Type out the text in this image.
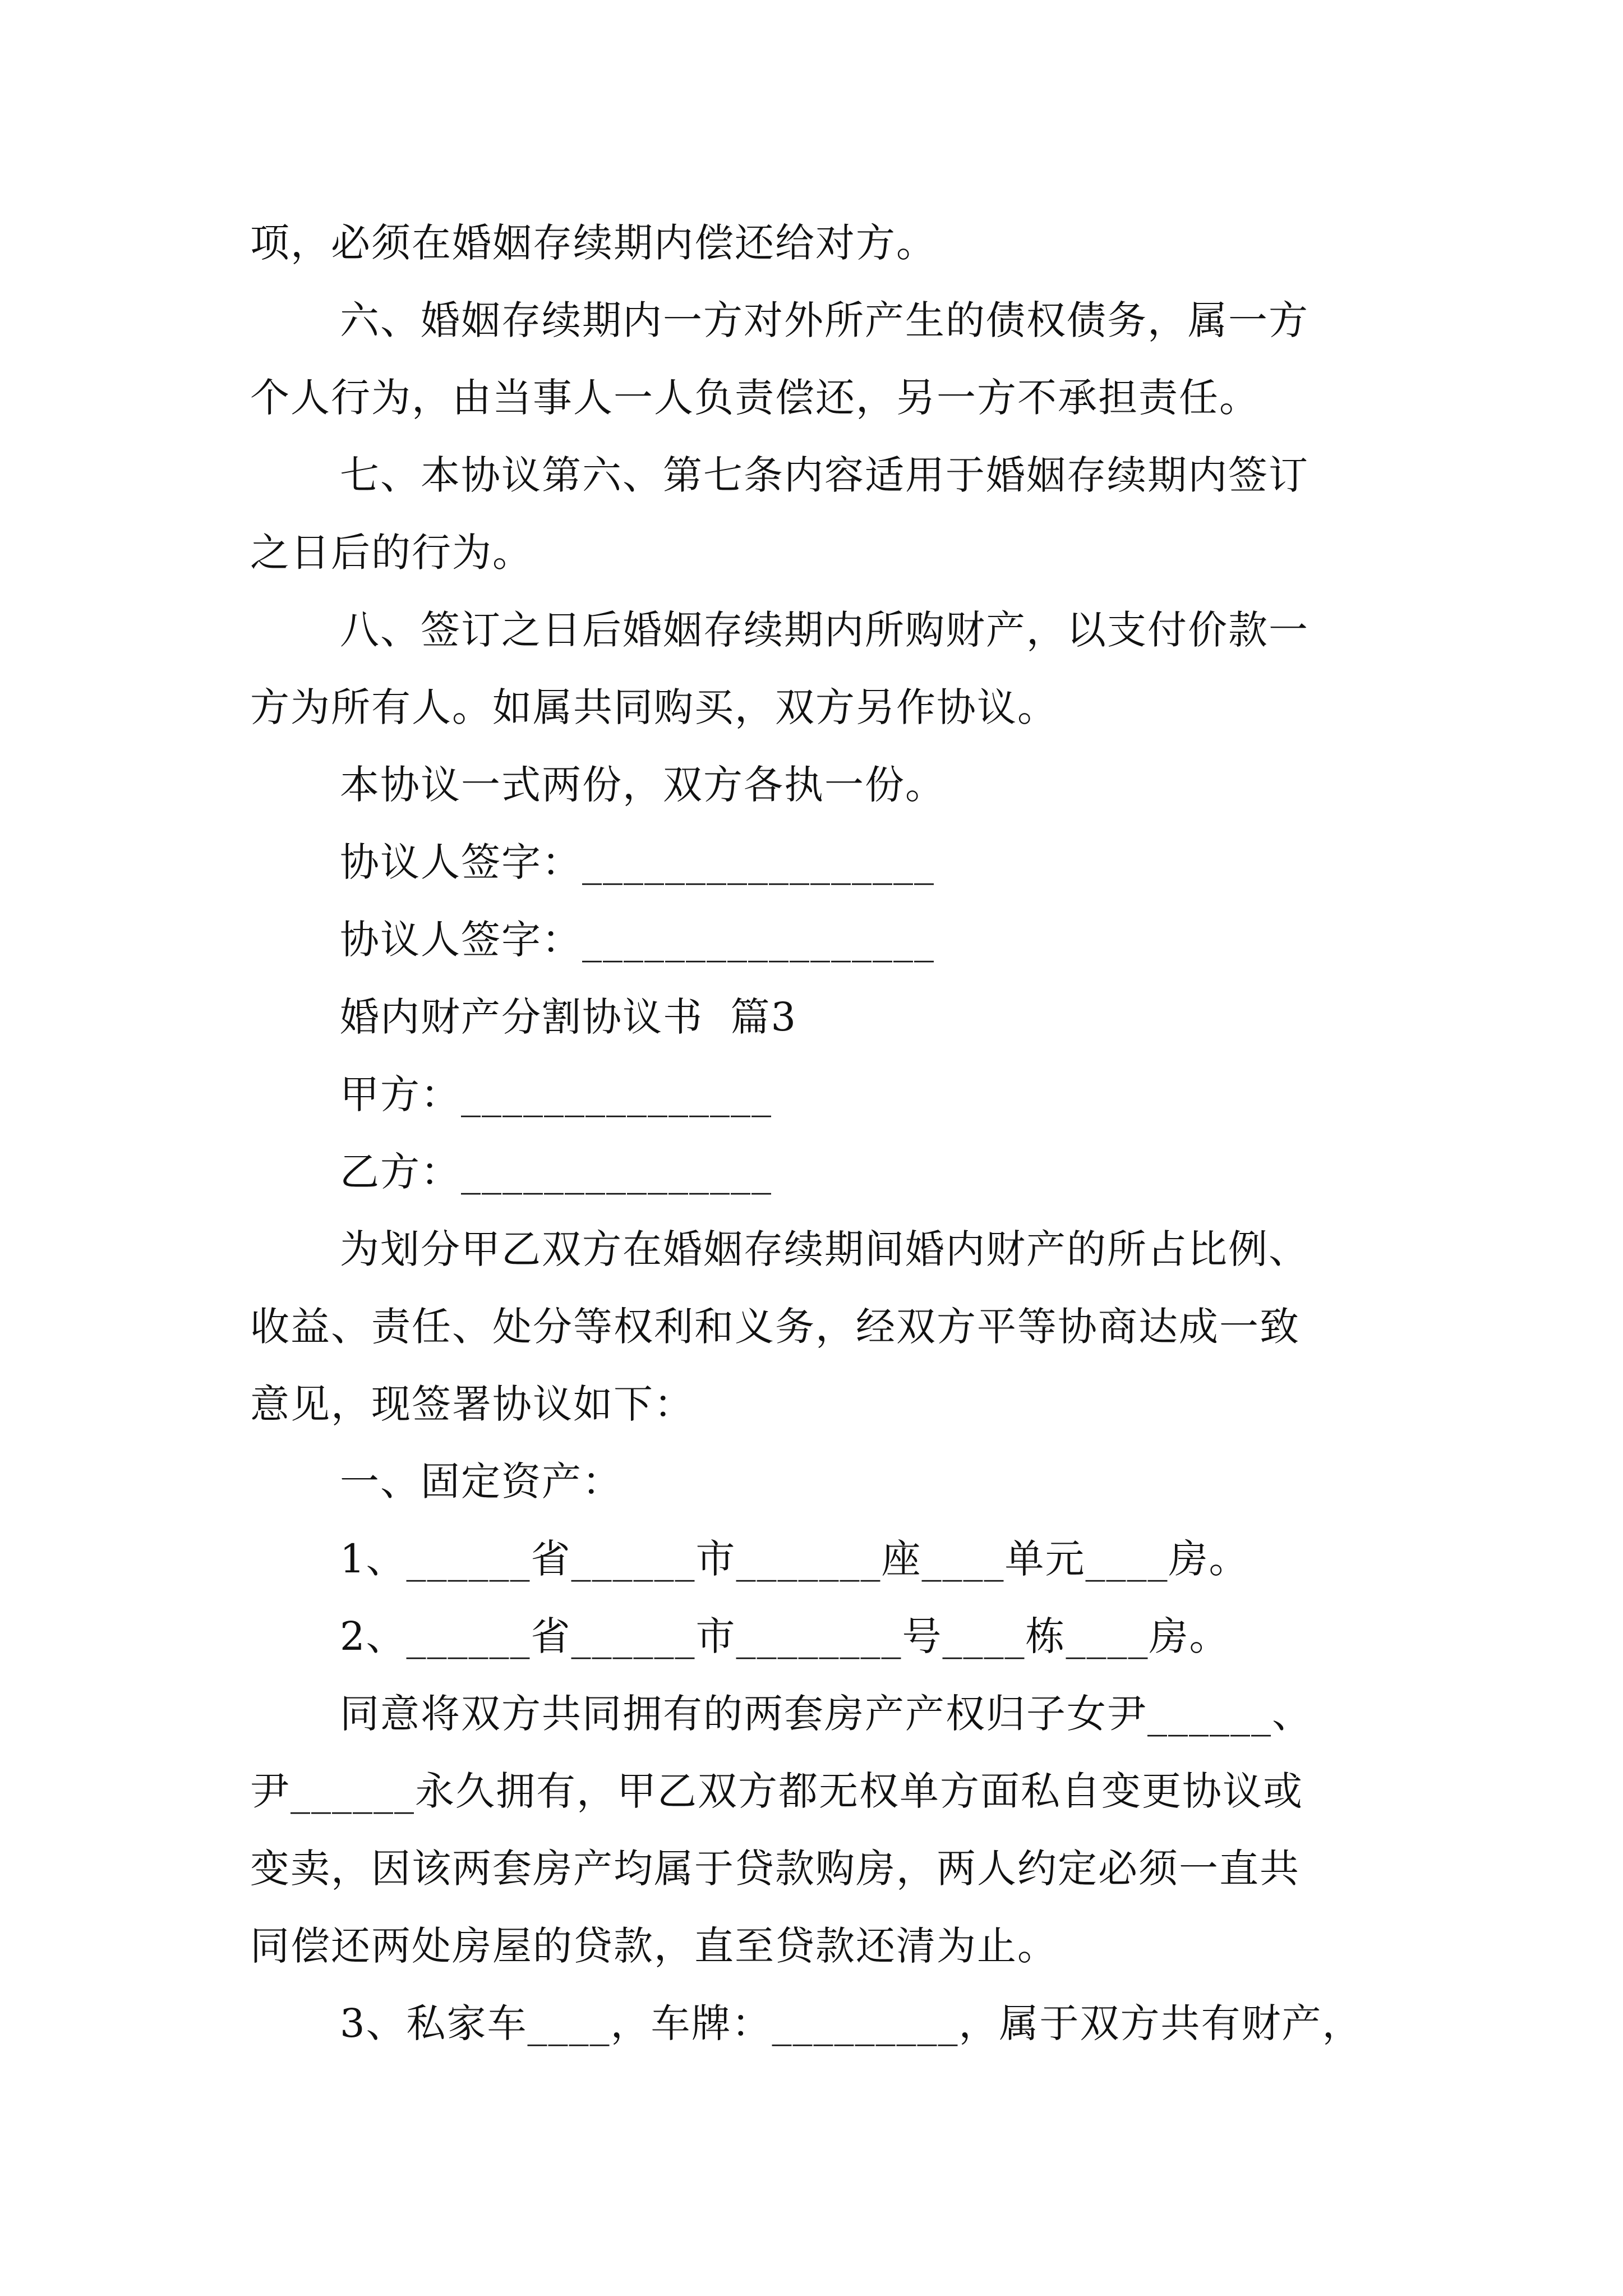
项，必须在婚姻存续期内偿还给对方。
六、婚姻存续期内一方对外所产生的债权债务，属一方
个人行为，由当事人一人负责偿还，另一方不承担责任。
七、本协议第六、第七条内容适用于婚姻存续期内签订
之日后的行为。
八、签订之日后婚姻存续期内所购财产，以支付价款一
方为所有人。如属共同购买，双方另作协议。
本协议一式两份，双方各执一份。
协议人签字：_________________
协议人签字：_________________
婚内财产分割协议书  篇3
甲方：_______________
乙方：_______________
为划分甲乙双方在婚姻存续期间婚内财产的所占比例、
收益、责任、处分等权利和义务，经双方平等协商达成一致
意见，现签署协议如下：
一、固定资产：
1、______省______市_______座____单元____房。
2、______省______市________号____栋____房。
同意将双方共同拥有的两套房产产权归子女尹______、
尹______永久拥有，甲乙双方都无权单方面私自变更协议或
变卖，因该两套房产均属于贷款购房，两人约定必须一直共
同偿还两处房屋的贷款，直至贷款还清为止。
3、私家车____，车牌：_________，属于双方共有财产，
